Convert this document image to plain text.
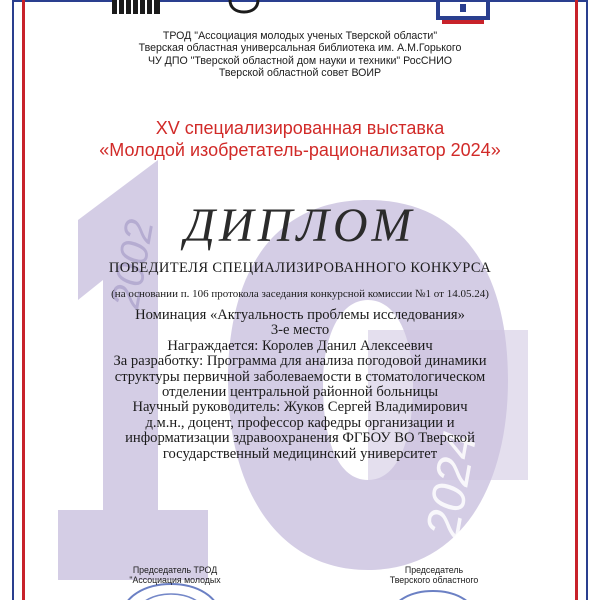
2002
2024
ТРОД "Ассоциация молодых ученых Тверской области"
Тверская областная универсальная библиотека им. А.М.Горького
ЧУ ДПО "Тверской областной дом науки и техники" РосСНИО
Тверской областной совет ВОИР
XV специализированная выставка
«Молодой изобретатель-рационализатор 2024»
ДИПЛОМ
ПОБЕДИТЕЛЯ СПЕЦИАЛИЗИРОВАННОГО КОНКУРСА
(на основании п. 106 протокола заседания конкурсной комиссии №1 от 14.05.24)
Номинация «Актуальность проблемы исследования»
3-е место
Награждается: Королев Данил Алексеевич
За разработку: Программа для анализа погодовой динамики
структуры первичной заболеваемости в стоматологическом
отделении центральной районной больницы
Научный руководитель: Жуков Сергей Владимирович
д.м.н., доцент, профессор кафедры организации и
информатизации здравоохранения ФГБОУ ВО Тверской
государственный медицинский университет
Председатель ТРОД
"Ассоциация молодых
Председатель
Тверского областного
